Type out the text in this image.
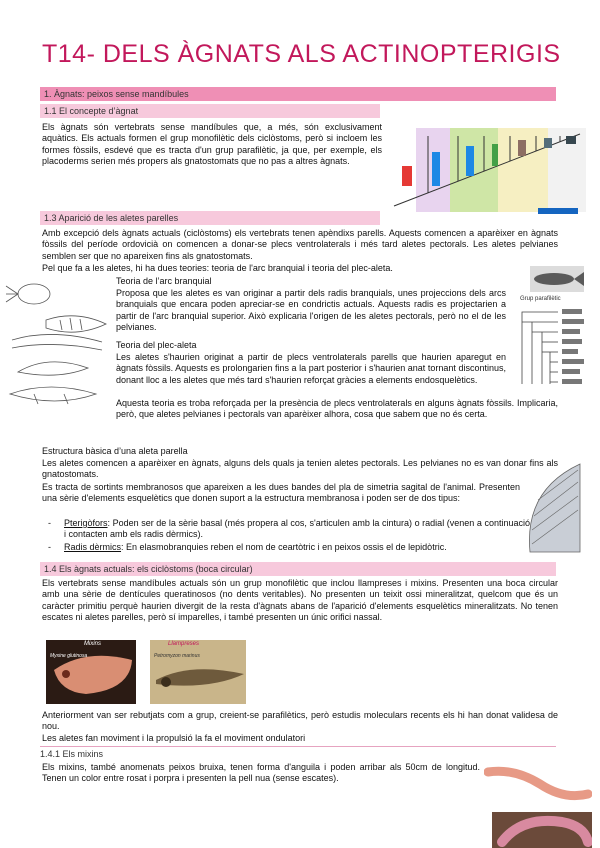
T14- DELS ÀGNATS ALS ACTINOPTERIGIS
1. Àgnats: peixos sense mandíbules
1.1 El concepte d’àgnat
Els àgnats són vertebrats sense mandíbules que, a més, són exclusivament aquàtics. Els actuals formen el grup monofilètic dels ciclòstoms, però si incloem les formes fòssils, esdevé que es tracta d'un grup parafilètic, ja que, per exemple, els placoderms serien més propers als gnatostomats que no pas a altres àgnats.
1.3 Aparició de les aletes parelles
Amb excepció dels àgnats actuals (ciclòstoms) els vertebrats tenen apèndixs parells. Aquests comencen a aparèixer en àgnats fòssils del període ordovicià on comencen a donar-se plecs ventrolaterals i més tard aletes pectorals. Les aletes pelvianes semblen ser que no apareixen fins als gnatostomats.
Pel que fa a les aletes, hi ha dues teories: teoria de l'arc branquial i teoria del plec-aleta.
Teoria de l’arc branquial
Proposa que les aletes es van originar a partir dels radis branquials, unes projeccions dels arcs branquials que encara poden apreciar-se en condrictis actuals. Aquests radis es projectarien a partir de l'arc branquial superior. Això explicaria l'origen de les aletes pectorals, però no el de les pelvianes.
Grup parafilètic
Teoria del plec-aleta
Les aletes s'haurien originat a partir de plecs ventrolaterals parells que haurien aparegut en àgnats fòssils. Aquests es prolongarien fins a la part posterior i s'haurien anat tornant discontinus, donant lloc a les aletes que més tard s'haurien reforçat gràcies a elements endosquelètics.
Aquesta teoria es troba reforçada per la presència de plecs ventrolaterals en alguns àgnats fòssils. Implicaria, però, que aletes pelvianes i pectorals van aparèixer alhora, cosa que sabem que no és certa.
Estructura bàsica d’una aleta parella
Les aletes comencen a aparèixer en àgnats, alguns dels quals ja tenien aletes pectorals. Les pelvianes no es van donar fins als gnatostomats.
Es tracta de sortints membranosos que apareixen a les dues bandes del pla de simetria sagital de l'animal. Presenten una sèrie d'elements esquelètics que donen suport a la estructura membranosa i poden ser de dos tipus:
-	Pterigòfors: Poden ser de la sèrie basal (més propera al cos, s'articulen amb la cintura) o radial (venen a continuació i contacten amb els radis dèrmics).
-	Radis dèrmics: En elasmobranquies reben el nom de ceartòtric i en peixos ossis el de lepidòtric.
1.4 Els àgnats actuals: els ciclòstoms (boca circular)
Els vertebrats sense mandíbules actuals són un grup monofilètic que inclou llampreses i mixins. Presenten una boca circular amb una sèrie de dentícules queratinosos (no dents veritables). No presenten un teixit ossi mineralitzat, quelcom que és un caràcter primitiu perquè haurien divergit de la resta d'àgnats abans de l'aparició d'elements esquelètics mineralitzats. No tenen escates ni aletes parelles, però sí imparelles, i també presenten un únic orifici nassal.
Mixins
Myxine glutinosa
Llampreses
Petromyzon marinus
Anteriorment van ser rebutjats com a grup, creient-se parafilètics, però estudis moleculars recents els hi han donat validesa de nou.
Les aletes fan moviment i la propulsió la fa el moviment ondulatori
1.4.1 Els mixins
Els mixins, també anomenats peixos bruixa, tenen forma d'anguila i poden arribar als 50cm de longitud. Tenen un color entre rosat i porpra i presenten la pell nua (sense escates).
